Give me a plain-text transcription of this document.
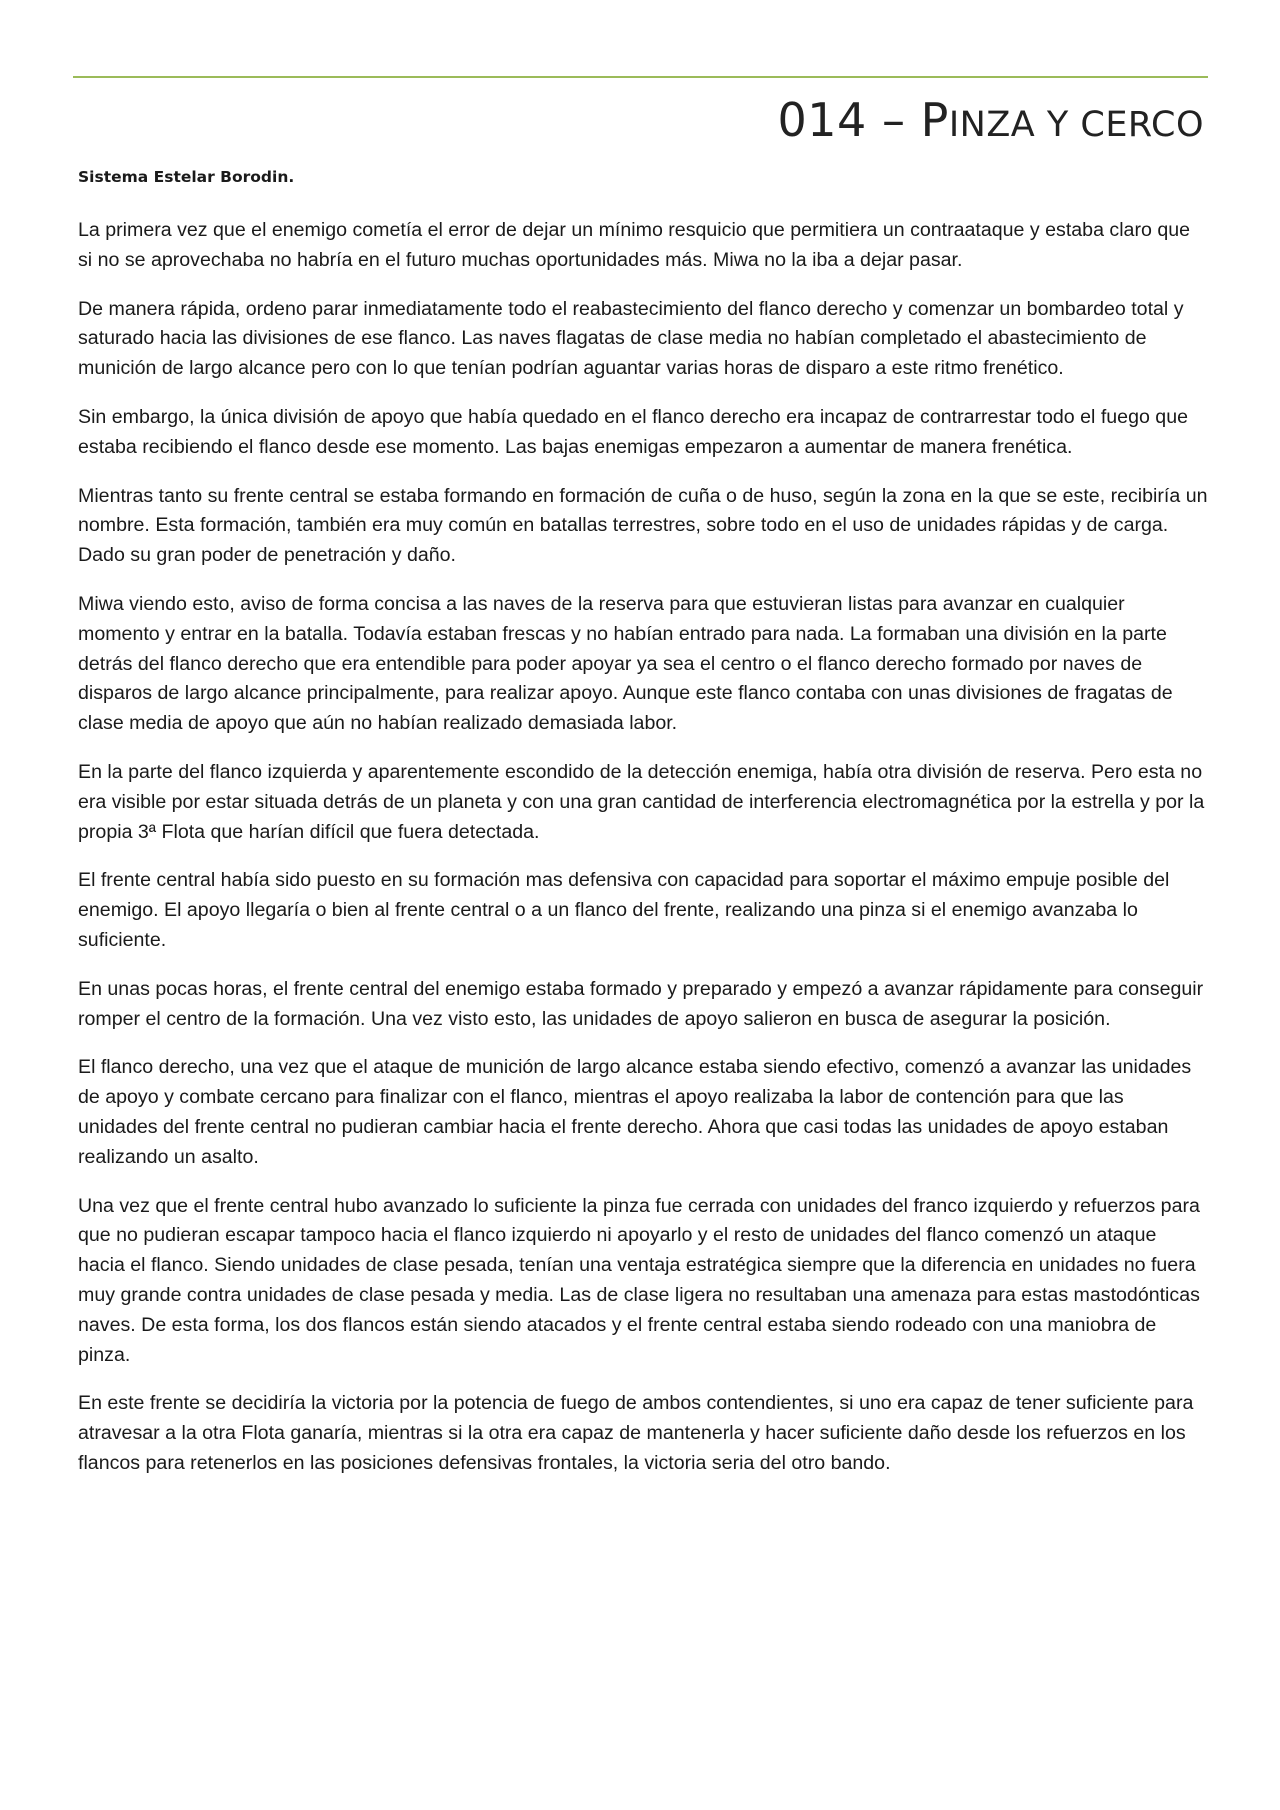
014 – PINZA Y CERCO
Sistema Estelar Borodin.

La primera vez que el enemigo cometía el error de dejar un mínimo resquicio que permitiera un contraataque y estaba claro que si no se aprovechaba no habría en el futuro muchas oportunidades más. Miwa no la iba a dejar pasar.

De manera rápida, ordeno parar inmediatamente todo el reabastecimiento del flanco derecho y comenzar un bombardeo total y saturado hacia las divisiones de ese flanco. Las naves flagatas de clase media no habían completado el abastecimiento de munición de largo alcance pero con lo que tenían podrían aguantar varias horas de disparo a este ritmo frenético.

Sin embargo, la única división de apoyo que había quedado en el flanco derecho era incapaz de contrarrestar todo el fuego que estaba recibiendo el flanco desde ese momento. Las bajas enemigas empezaron a aumentar de manera frenética.

Mientras tanto su frente central se estaba formando en formación de cuña o de huso, según la zona en la que se este, recibiría un nombre. Esta formación, también era muy común en batallas terrestres, sobre todo en el uso de unidades rápidas y de carga. Dado su gran poder de penetración y daño.

Miwa viendo esto, aviso de forma concisa a las naves de la reserva para que estuvieran listas para avanzar en cualquier momento y entrar en la batalla. Todavía estaban frescas y no habían entrado para nada. La formaban una división en la parte detrás del flanco derecho que era entendible para poder apoyar ya sea el centro o el flanco derecho formado por naves de disparos de largo alcance principalmente, para realizar apoyo. Aunque este flanco contaba con unas divisiones de fragatas de clase media de apoyo que aún no habían realizado demasiada labor.

En la parte del flanco izquierda y aparentemente escondido de la detección enemiga, había otra división de reserva. Pero esta no era visible por estar situada detrás de un planeta y con una gran cantidad de interferencia electromagnética por la estrella y por la propia 3ª Flota que harían difícil que fuera detectada.

El frente central había sido puesto en su formación mas defensiva con capacidad para soportar el máximo empuje posible del enemigo. El apoyo llegaría o bien al frente central o a un flanco del frente, realizando una pinza si el enemigo avanzaba lo suficiente.

En unas pocas horas, el frente central del enemigo estaba formado y preparado y empezó a avanzar rápidamente para conseguir romper el centro de la formación. Una vez visto esto, las unidades de apoyo salieron en busca de asegurar la posición.

El flanco derecho, una vez que el ataque de munición de largo alcance estaba siendo efectivo, comenzó a avanzar las unidades de apoyo y combate cercano para finalizar con el flanco, mientras el apoyo realizaba la labor de contención para que las unidades del frente central no pudieran cambiar hacia el frente derecho. Ahora que casi todas las unidades de apoyo estaban realizando un asalto.

Una vez que el frente central hubo avanzado lo suficiente la pinza fue cerrada con unidades del franco izquierdo y refuerzos para que no pudieran escapar tampoco hacia el flanco izquierdo ni apoyarlo y el resto de unidades del flanco comenzó un ataque hacia el flanco. Siendo unidades de clase pesada, tenían una ventaja estratégica siempre que la diferencia en unidades no fuera muy grande contra unidades de clase pesada y media. Las de clase ligera no resultaban una amenaza para estas mastodónticas naves. De esta forma, los dos flancos están siendo atacados y el frente central estaba siendo rodeado con una maniobra de pinza.

En este frente se decidiría la victoria por la potencia de fuego de ambos contendientes, si uno era capaz de tener suficiente para atravesar a la otra Flota ganaría, mientras si la otra era capaz de mantenerla y hacer suficiente daño desde los refuerzos en los flancos para retenerlos en las posiciones defensivas frontales, la victoria seria del otro bando.
